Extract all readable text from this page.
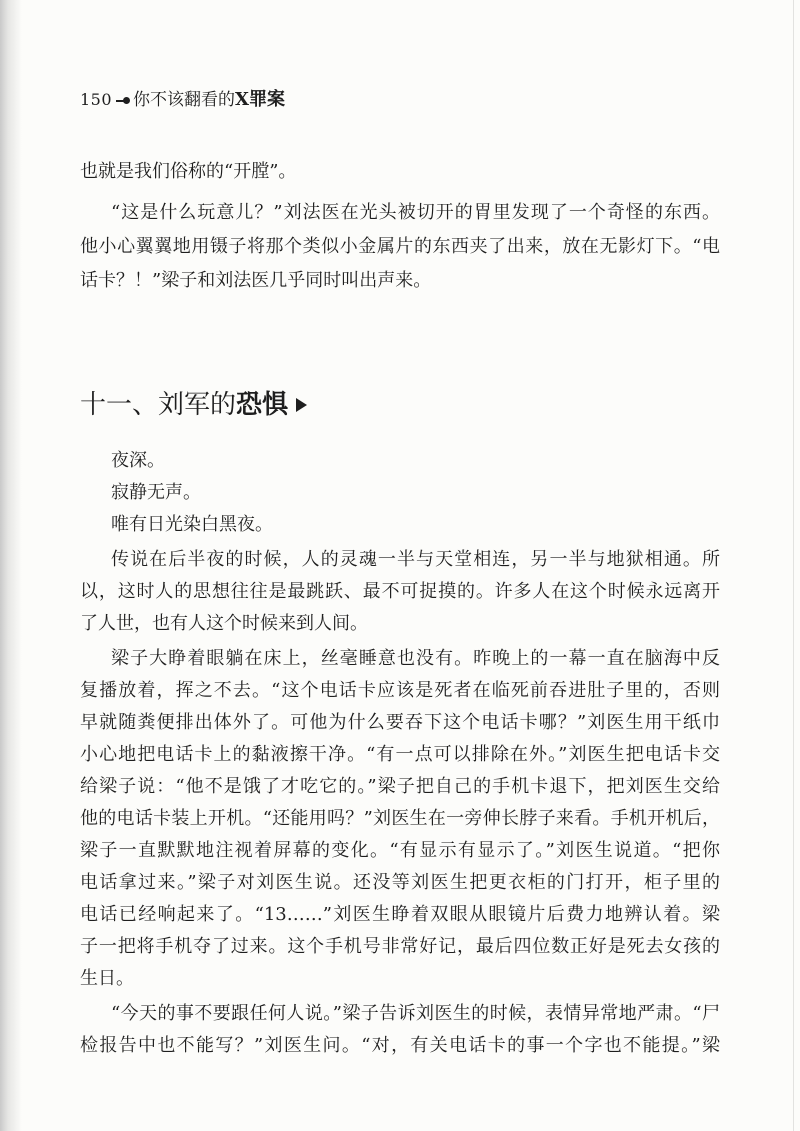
150 你不该翻看的X罪案

也就是我们俗称的“开膛”。

“这是什么玩意儿？”刘法医在光头被切开的胃里发现了一个奇怪的东西。
他小心翼翼地用镊子将那个类似小金属片的东西夹了出来，放在无影灯下。“电
话卡？！”梁子和刘法医几乎同时叫出声来。

十一、刘军的恐惧

夜深。

寂静无声。

唯有日光染白黑夜。

传说在后半夜的时候，人的灵魂一半与天堂相连，另一半与地狱相通。所
以，这时人的思想往往是最跳跃、最不可捉摸的。许多人在这个时候永远离开
了人世，也有人这个时候来到人间。

梁子大睁着眼躺在床上，丝毫睡意也没有。昨晚上的一幕一直在脑海中反
复播放着，挥之不去。“这个电话卡应该是死者在临死前吞进肚子里的，否则
早就随粪便排出体外了。可他为什么要吞下这个电话卡哪？”刘医生用干纸巾
小心地把电话卡上的黏液擦干净。“有一点可以排除在外。”刘医生把电话卡交
给梁子说：“他不是饿了才吃它的。”梁子把自己的手机卡退下，把刘医生交给
他的电话卡装上开机。“还能用吗？”刘医生在一旁伸长脖子来看。手机开机后，
梁子一直默默地注视着屏幕的变化。“有显示有显示了。”刘医生说道。“把你
电话拿过来。”梁子对刘医生说。还没等刘医生把更衣柜的门打开，柜子里的
电话已经响起来了。“13……”刘医生睁着双眼从眼镜片后费力地辨认着。梁
子一把将手机夺了过来。这个手机号非常好记，最后四位数正好是死去女孩的
生日。

“今天的事不要跟任何人说。”梁子告诉刘医生的时候，表情异常地严肃。“尸
检报告中也不能写？”刘医生问。“对，有关电话卡的事一个字也不能提。”梁
